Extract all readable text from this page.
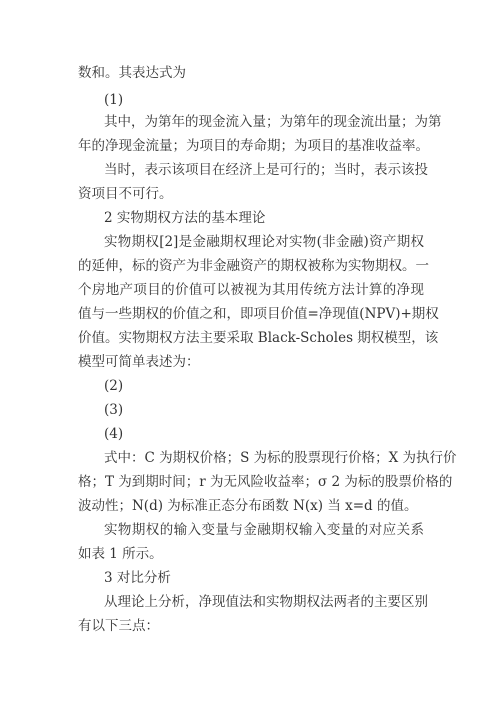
数和。其表达式为
(1)
其中，为第年的现金流入量；为第年的现金流出量；为第
年的净现金流量；为项目的寿命期；为项目的基准收益率。
当时，表示该项目在经济上是可行的；当时，表示该投
资项目不可行。
2 实物期权方法的基本理论
实物期权[2]是金融期权理论对实物(非金融)资产期权
的延伸，标的资产为非金融资产的期权被称为实物期权。一
个房地产项目的价值可以被视为其用传统方法计算的净现
值与一些期权的价值之和，即项目价值=净现值(NPV)+期权
价值。实物期权方法主要采取 Black-Scholes 期权模型，该
模型可简单表述为：
(2)
(3)
(4)
式中：C 为期权价格；S 为标的股票现行价格；X 为执行价
格；T 为到期时间；r 为无风险收益率；σ 2 为标的股票价格的
波动性；N(d) 为标准正态分布函数 N(x) 当 x=d 的值。
实物期权的输入变量与金融期权输入变量的对应关系
如表 1 所示。
3 对比分析
从理论上分析，净现值法和实物期权法两者的主要区别
有以下三点：
